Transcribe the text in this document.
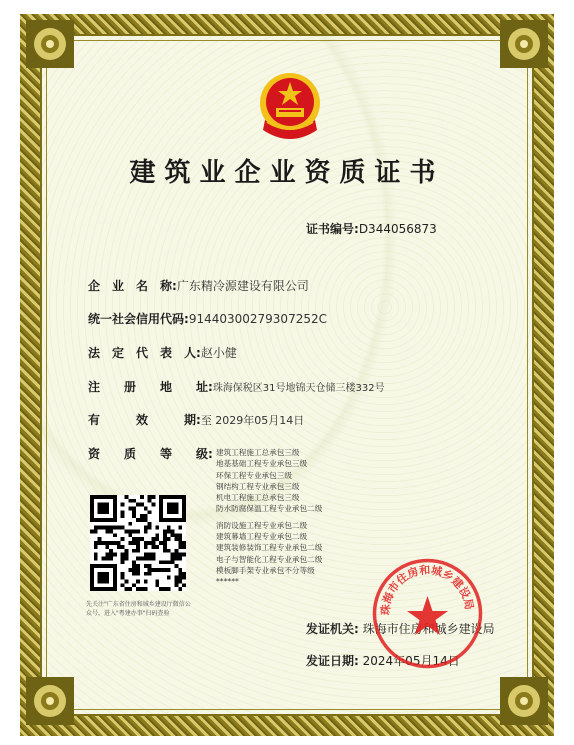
建筑业企业资质证书
证书编号:D344056873
企　业　名　称:广东精冷源建设有限公司
统一社会信用代码:91440300279307252C
法　定　代　表　人:赵小健
注　　册　　地　　址:珠海保税区31号地锦天仓储三楼332号
有　　　效　　　期:至 2029年05月14日
资　　质　　等　　级: 建筑工程施工总承包三级
地基基础工程专业承包三级
环保工程专业承包三级
钢结构工程专业承包三级
机电工程施工总承包三级
防水防腐保温工程专业承包二级
消防设施工程专业承包二级
建筑幕墙工程专业承包二级
建筑装修装饰工程专业承包二级
电子与智能化工程专业承包二级
模板脚手架专业承包不分等级
******
先关注"广东省住房和城乡建设厅微信公众号，进入"粤建办事"扫码查验
发证机关: 珠海市住房和城乡建设局
发证日期: 2024年05月14日
珠海市住房和城乡建设局
